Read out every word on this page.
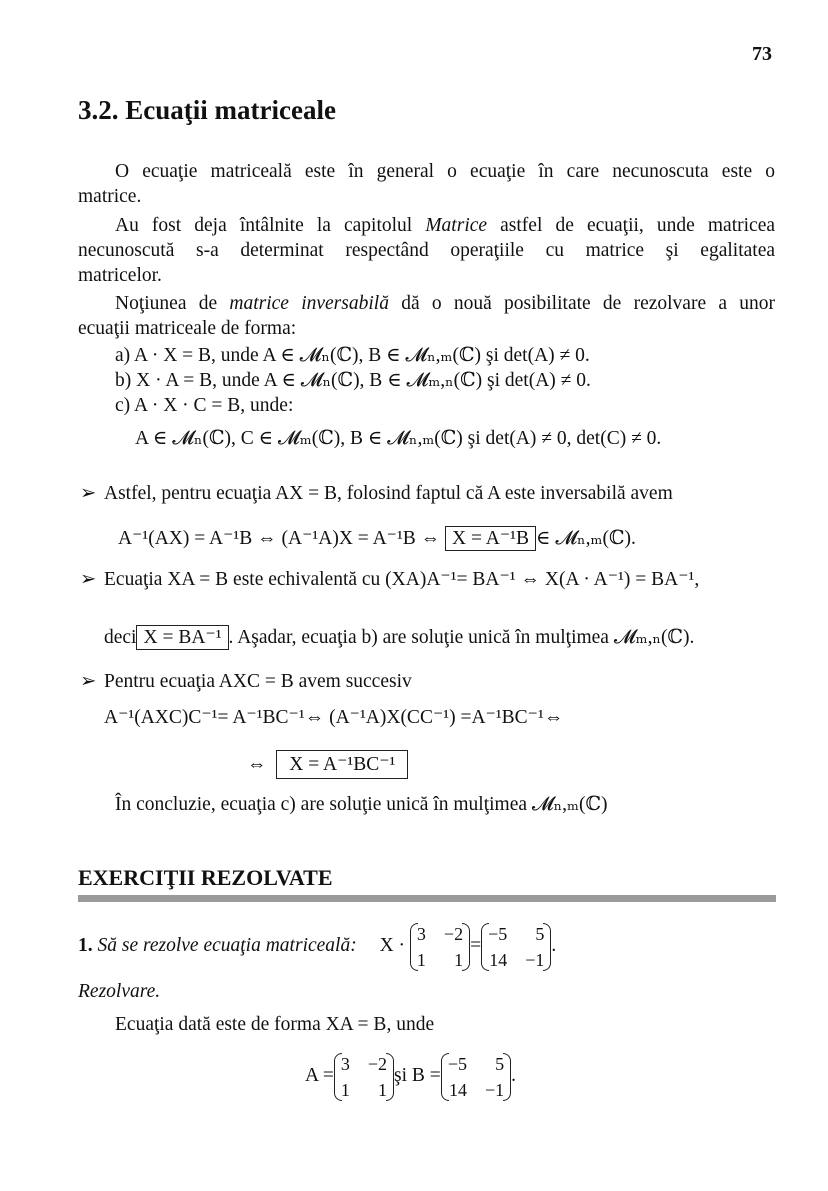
73
3.2. Ecuaţii matriceale
O ecuaţie matriceală este în general o ecuaţie în care necunoscuta este o
matrice.
Au fost deja întâlnite la capitolul Matrice astfel de ecuaţii, unde matricea
necunoscută s-a determinat respectând operaţiile cu matrice şi egalitatea
matricelor.
Noţiunea de matrice inversabilă dă o nouă posibilitate de rezolvare a unor
ecuaţii matriceale de forma:
a) A · X = B, unde A ∈ 𝓜ₙ(ℂ), B ∈ 𝓜ₙ,ₘ(ℂ) şi det(A) ≠ 0.
b) X · A = B, unde A ∈ 𝓜ₙ(ℂ), B ∈ 𝓜ₘ,ₙ(ℂ) şi det(A) ≠ 0.
c) A · X · C = B, unde:
A ∈ 𝓜ₙ(ℂ), C ∈ 𝓜ₘ(ℂ), B ∈ 𝓜ₙ,ₘ(ℂ) şi det(A) ≠ 0, det(C) ≠ 0.
➢ Astfel, pentru ecuaţia AX = B, folosind faptul că A este inversabilă avem
A⁻¹(AX) = A⁻¹B ⇔ (A⁻¹A)X = A⁻¹B ⇔ X = A⁻¹B ∈ 𝓜ₙ,ₘ(ℂ).
➢ Ecuaţia XA = B este echivalentă cu (XA)A⁻¹= BA⁻¹ ⇔ X(A · A⁻¹) = BA⁻¹,
deci X = BA⁻¹ . Aşadar, ecuaţia b) are soluţie unică în mulţimea 𝓜ₘ,ₙ(ℂ).
➢ Pentru ecuaţia AXC = B avem succesiv
A⁻¹(AXC)C⁻¹= A⁻¹BC⁻¹⇔ (A⁻¹A)X(CC⁻¹) =A⁻¹BC⁻¹⇔
⇔ X = A⁻¹BC⁻¹
În concluzie, ecuaţia c) are soluţie unică în mulţimea 𝓜ₙ,ₘ(ℂ)
EXERCIŢII REZOLVATE
1. Să se rezolve ecuaţia matriceală: X ·
3 −2
1	1
=
−5	5
14 −1
.
Rezolvare.
Ecuaţia dată este de forma XA = B, unde
A =
3 −2
1	1
şi B =
−5	5
14 −1
.
